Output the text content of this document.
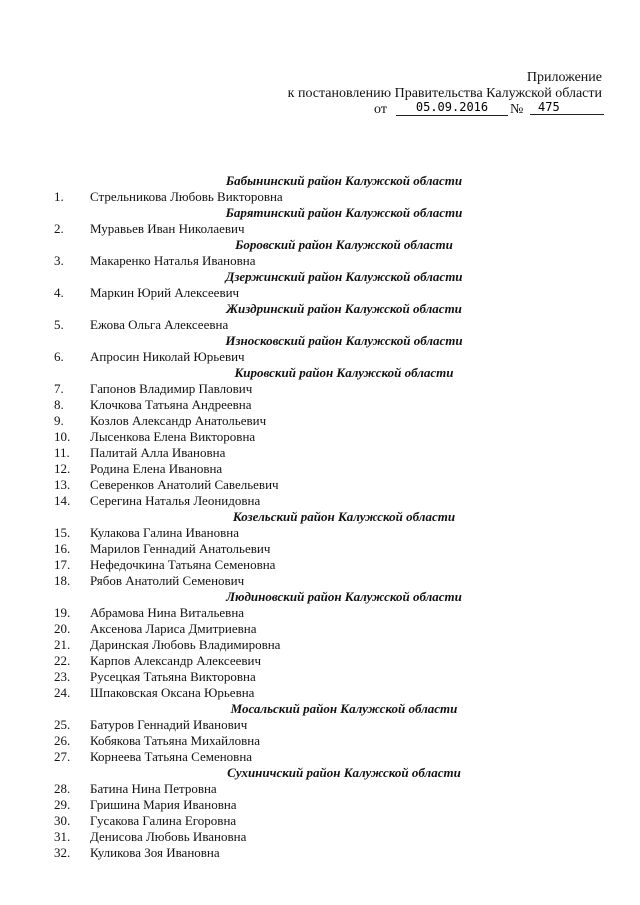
Приложение
к постановлению Правительства Калужской области
от	05.09.2016	№	475
Бабынинский район Калужской области
1.	Стрельникова Любовь Викторовна
Барятинский район Калужской области
2.	Муравьев Иван Николаевич
Боровский район Калужской области
3.	Макаренко Наталья Ивановна
Дзержинский район Калужской области
4.	Маркин Юрий Алексеевич
Жиздринский район Калужской области
5.	Ежова Ольга Алексеевна
Износковский район Калужской области
6.	Апросин Николай Юрьевич
Кировский район Калужской области
7.	Гапонов Владимир Павлович
8.	Клочкова Татьяна Андреевна
9.	Козлов Александр Анатольевич
10.	Лысенкова Елена Викторовна
11.	Палитай Алла Ивановна
12.	Родина Елена Ивановна
13.	Северенков Анатолий Савельевич
14.	Серегина Наталья Леонидовна
Козельский район Калужской области
15.	Кулакова Галина Ивановна
16.	Марилов Геннадий Анатольевич
17.	Нефедочкина Татьяна Семеновна
18.	Рябов Анатолий Семенович
Людиновский район Калужской области
19.	Абрамова Нина Витальевна
20.	Аксенова Лариса Дмитриевна
21.	Даринская Любовь Владимировна
22.	Карпов Александр Алексеевич
23.	Русецкая Татьяна Викторовна
24.	Шпаковская Оксана Юрьевна
Мосальский район Калужской области
25.	Батуров Геннадий Иванович
26.	Кобякова Татьяна Михайловна
27.	Корнеева Татьяна Семеновна
Сухиничский район Калужской области
28.	Батина Нина Петровна
29.	Гришина Мария Ивановна
30.	Гусакова Галина Егоровна
31.	Денисова Любовь Ивановна
32.	Куликова Зоя Ивановна
